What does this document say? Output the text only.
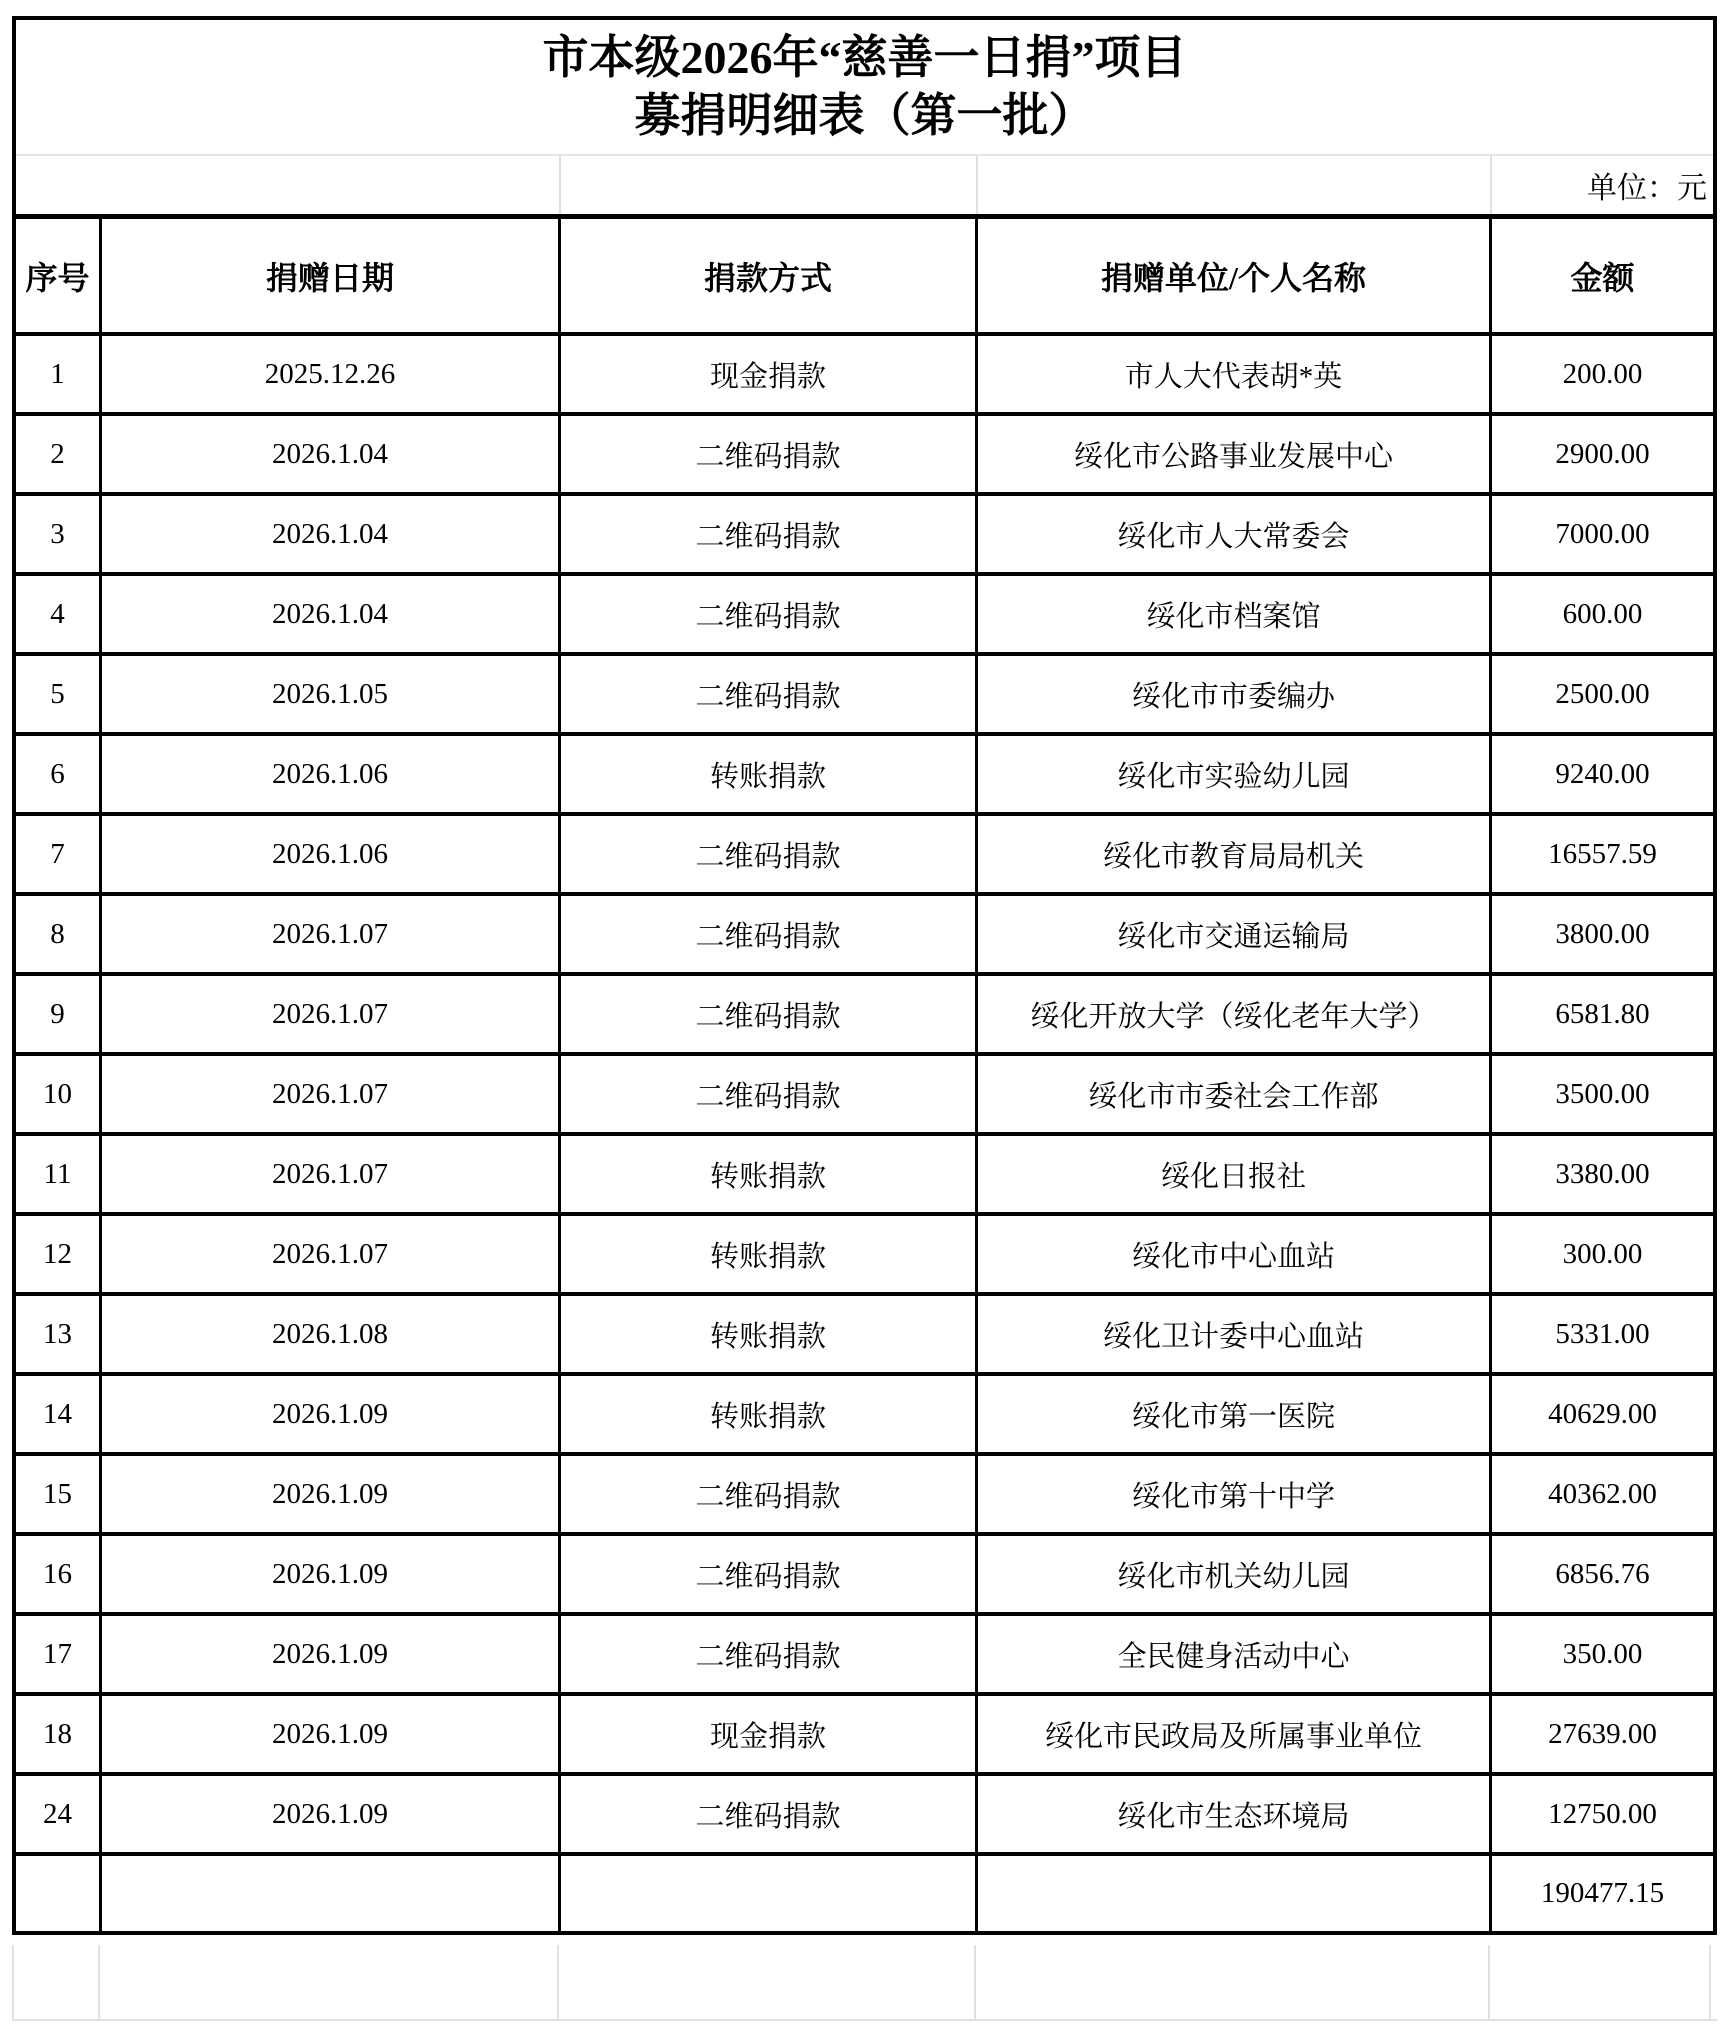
市本级2026年“慈善一日捐”项目
募捐明细表（第一批）
单位：元
序号	捐赠日期	捐款方式	捐赠单位/个人名称	金额
1	2025.12.26	现金捐款	市人大代表胡*英	200.00
2	2026.1.04	二维码捐款	绥化市公路事业发展中心	2900.00
3	2026.1.04	二维码捐款	绥化市人大常委会	7000.00
4	2026.1.04	二维码捐款	绥化市档案馆	600.00
5	2026.1.05	二维码捐款	绥化市市委编办	2500.00
6	2026.1.06	转账捐款	绥化市实验幼儿园	9240.00
7	2026.1.06	二维码捐款	绥化市教育局局机关	16557.59
8	2026.1.07	二维码捐款	绥化市交通运输局	3800.00
9	2026.1.07	二维码捐款	绥化开放大学（绥化老年大学）	6581.80
10	2026.1.07	二维码捐款	绥化市市委社会工作部	3500.00
11	2026.1.07	转账捐款	绥化日报社	3380.00
12	2026.1.07	转账捐款	绥化市中心血站	300.00
13	2026.1.08	转账捐款	绥化卫计委中心血站	5331.00
14	2026.1.09	转账捐款	绥化市第一医院	40629.00
15	2026.1.09	二维码捐款	绥化市第十中学	40362.00
16	2026.1.09	二维码捐款	绥化市机关幼儿园	6856.76
17	2026.1.09	二维码捐款	全民健身活动中心	350.00
18	2026.1.09	现金捐款	绥化市民政局及所属事业单位	27639.00
24	2026.1.09	二维码捐款	绥化市生态环境局	12750.00
190477.15
